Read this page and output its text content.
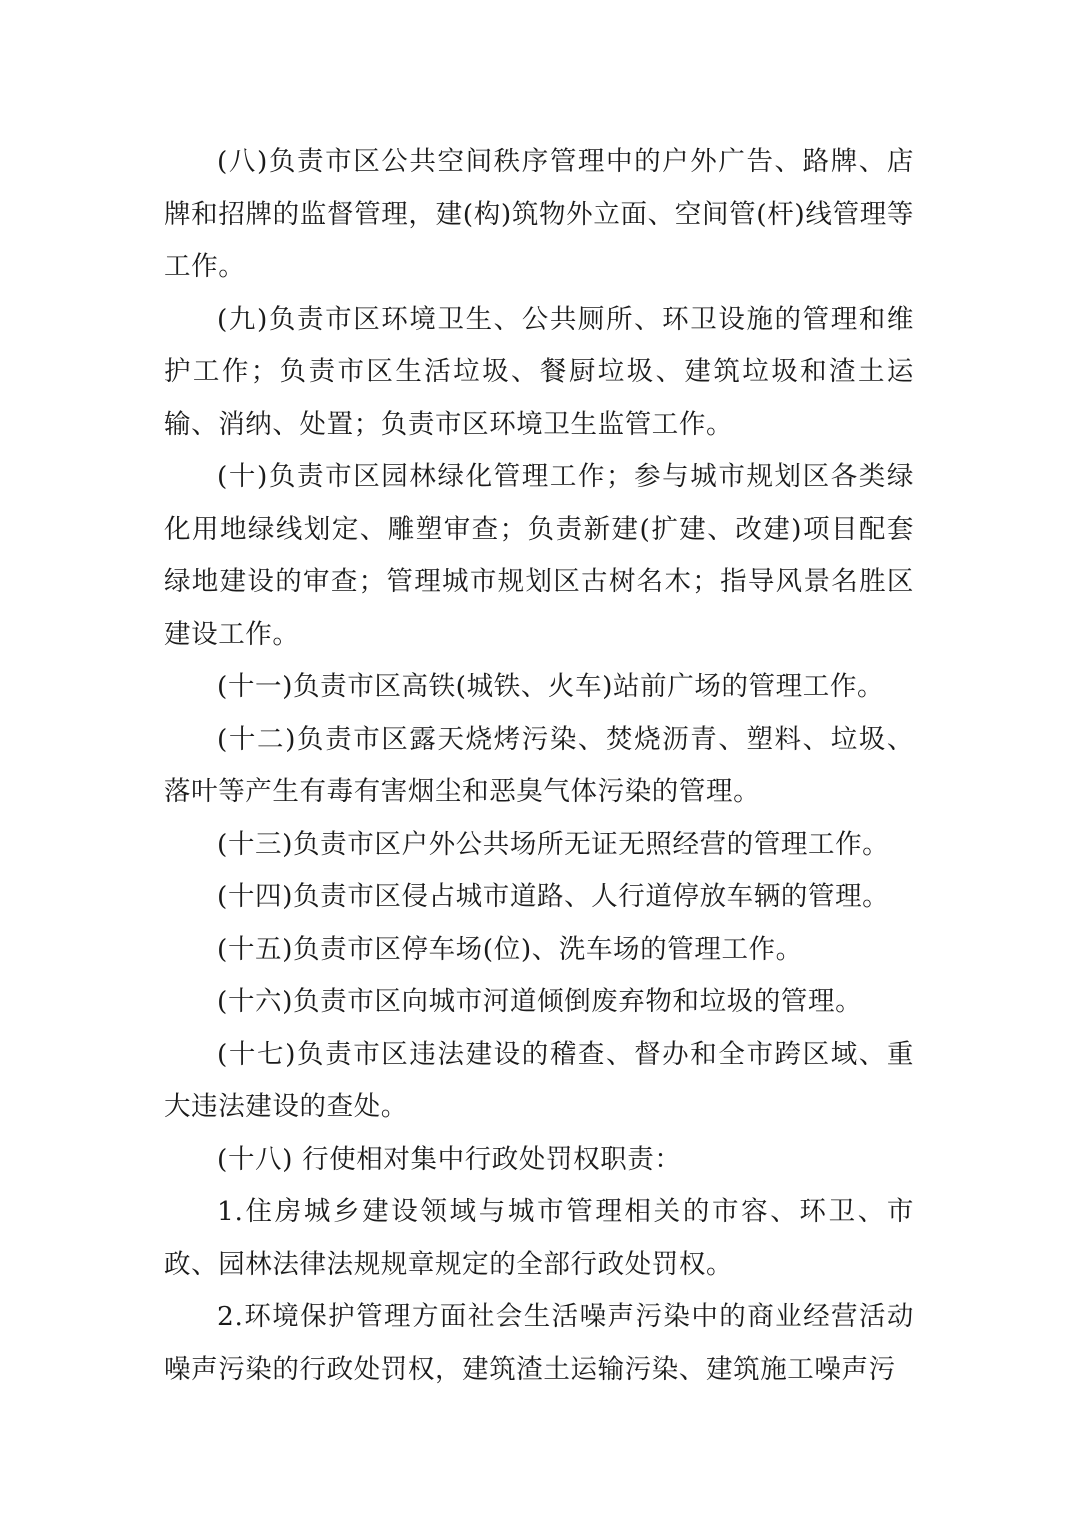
(八)负责市区公共空间秩序管理中的户外广告、路牌、店牌和招牌的监督管理，建(构)筑物外立面、空间管(杆)线管理等工作。

(九)负责市区环境卫生、公共厕所、环卫设施的管理和维护工作；负责市区生活垃圾、餐厨垃圾、建筑垃圾和渣土运输、消纳、处置；负责市区环境卫生监管工作。

(十)负责市区园林绿化管理工作；参与城市规划区各类绿化用地绿线划定、雕塑审查；负责新建(扩建、改建)项目配套绿地建设的审查；管理城市规划区古树名木；指导风景名胜区建设工作。

(十一)负责市区高铁(城铁、火车)站前广场的管理工作。

(十二)负责市区露天烧烤污染、焚烧沥青、塑料、垃圾、落叶等产生有毒有害烟尘和恶臭气体污染的管理。

(十三)负责市区户外公共场所无证无照经营的管理工作。

(十四)负责市区侵占城市道路、人行道停放车辆的管理。

(十五)负责市区停车场(位)、洗车场的管理工作。

(十六)负责市区向城市河道倾倒废弃物和垃圾的管理。

(十七)负责市区违法建设的稽查、督办和全市跨区域、重大违法建设的查处。

(十八) 行使相对集中行政处罚权职责：

1.住房城乡建设领域与城市管理相关的市容、环卫、市政、园林法律法规规章规定的全部行政处罚权。

2.环境保护管理方面社会生活噪声污染中的商业经营活动噪声污染的行政处罚权，建筑渣土运输污染、建筑施工噪声污
